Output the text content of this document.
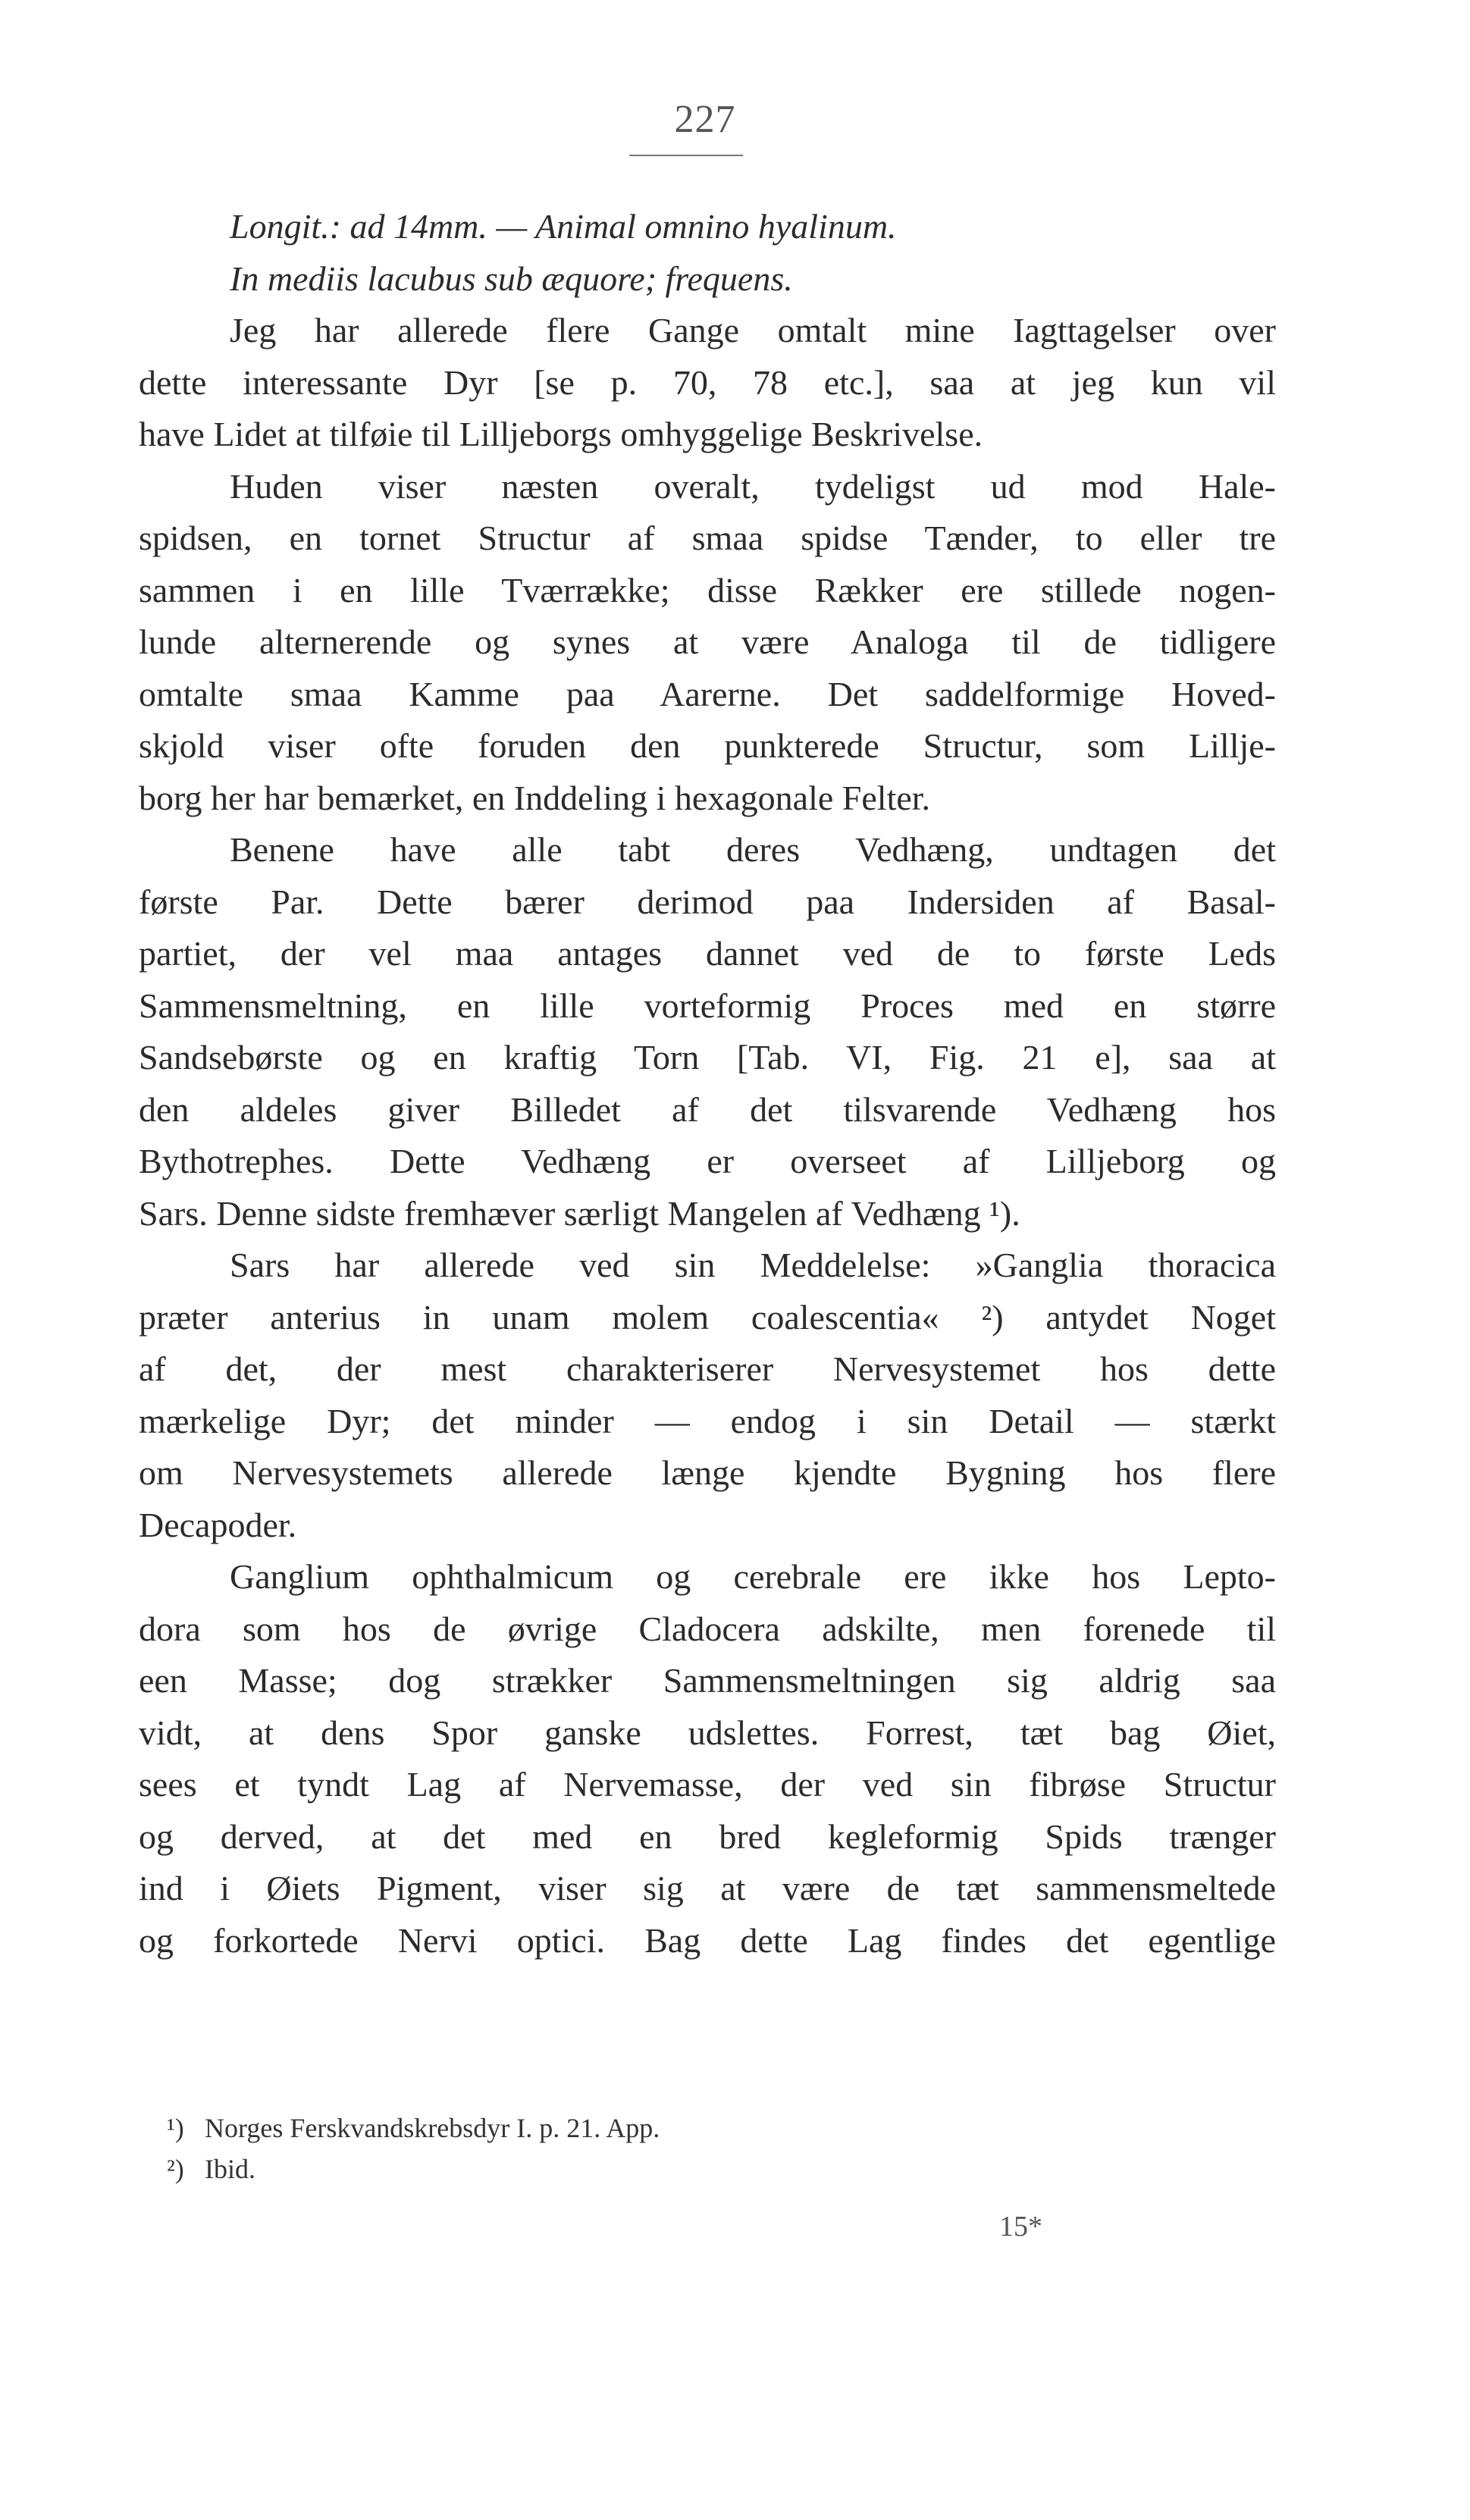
227
Longit.: ad 14mm. — Animal omnino hyalinum.
In mediis lacubus sub æquore; frequens.
Jeg har allerede flere Gange omtalt mine Iagttagelser over
dette interessante Dyr [se p. 70, 78 etc.], saa at jeg kun vil
have Lidet at tilføie til Lilljeborgs omhyggelige Beskrivelse.
Huden viser næsten overalt, tydeligst ud mod Hale-
spidsen, en tornet Structur af smaa spidse Tænder, to eller tre
sammen i en lille Tværrække; disse Rækker ere stillede nogen-
lunde alternerende og synes at være Analoga til de tidligere
omtalte smaa Kamme paa Aarerne. Det saddelformige Hoved-
skjold viser ofte foruden den punkterede Structur, som Lillje-
borg her har bemærket, en Inddeling i hexagonale Felter.
Benene have alle tabt deres Vedhæng, undtagen det
første Par. Dette bærer derimod paa Indersiden af Basal-
partiet, der vel maa antages dannet ved de to første Leds
Sammensmeltning, en lille vorteformig Proces med en større
Sandsebørste og en kraftig Torn [Tab. VI, Fig. 21 e], saa at
den aldeles giver Billedet af det tilsvarende Vedhæng hos
Bythotrephes. Dette Vedhæng er overseet af Lilljeborg og
Sars. Denne sidste fremhæver særligt Mangelen af Vedhæng ¹).
Sars har allerede ved sin Meddelelse: »Ganglia thoracica
præter anterius in unam molem coalescentia« ²) antydet Noget
af det, der mest charakteriserer Nervesystemet hos dette
mærkelige Dyr; det minder — endog i sin Detail — stærkt
om Nervesystemets allerede længe kjendte Bygning hos flere
Decapoder.
Ganglium ophthalmicum og cerebrale ere ikke hos Lepto-
dora som hos de øvrige Cladocera adskilte, men forenede til
een Masse; dog strækker Sammensmeltningen sig aldrig saa
vidt, at dens Spor ganske udslettes. Forrest, tæt bag Øiet,
sees et tyndt Lag af Nervemasse, der ved sin fibrøse Structur
og derved, at det med en bred kegleformig Spids trænger
ind i Øiets Pigment, viser sig at være de tæt sammensmeltede
og forkortede Nervi optici. Bag dette Lag findes det egentlige
¹) Norges Ferskvandskrebsdyr I. p. 21. App.
²) Ibid.
15*
